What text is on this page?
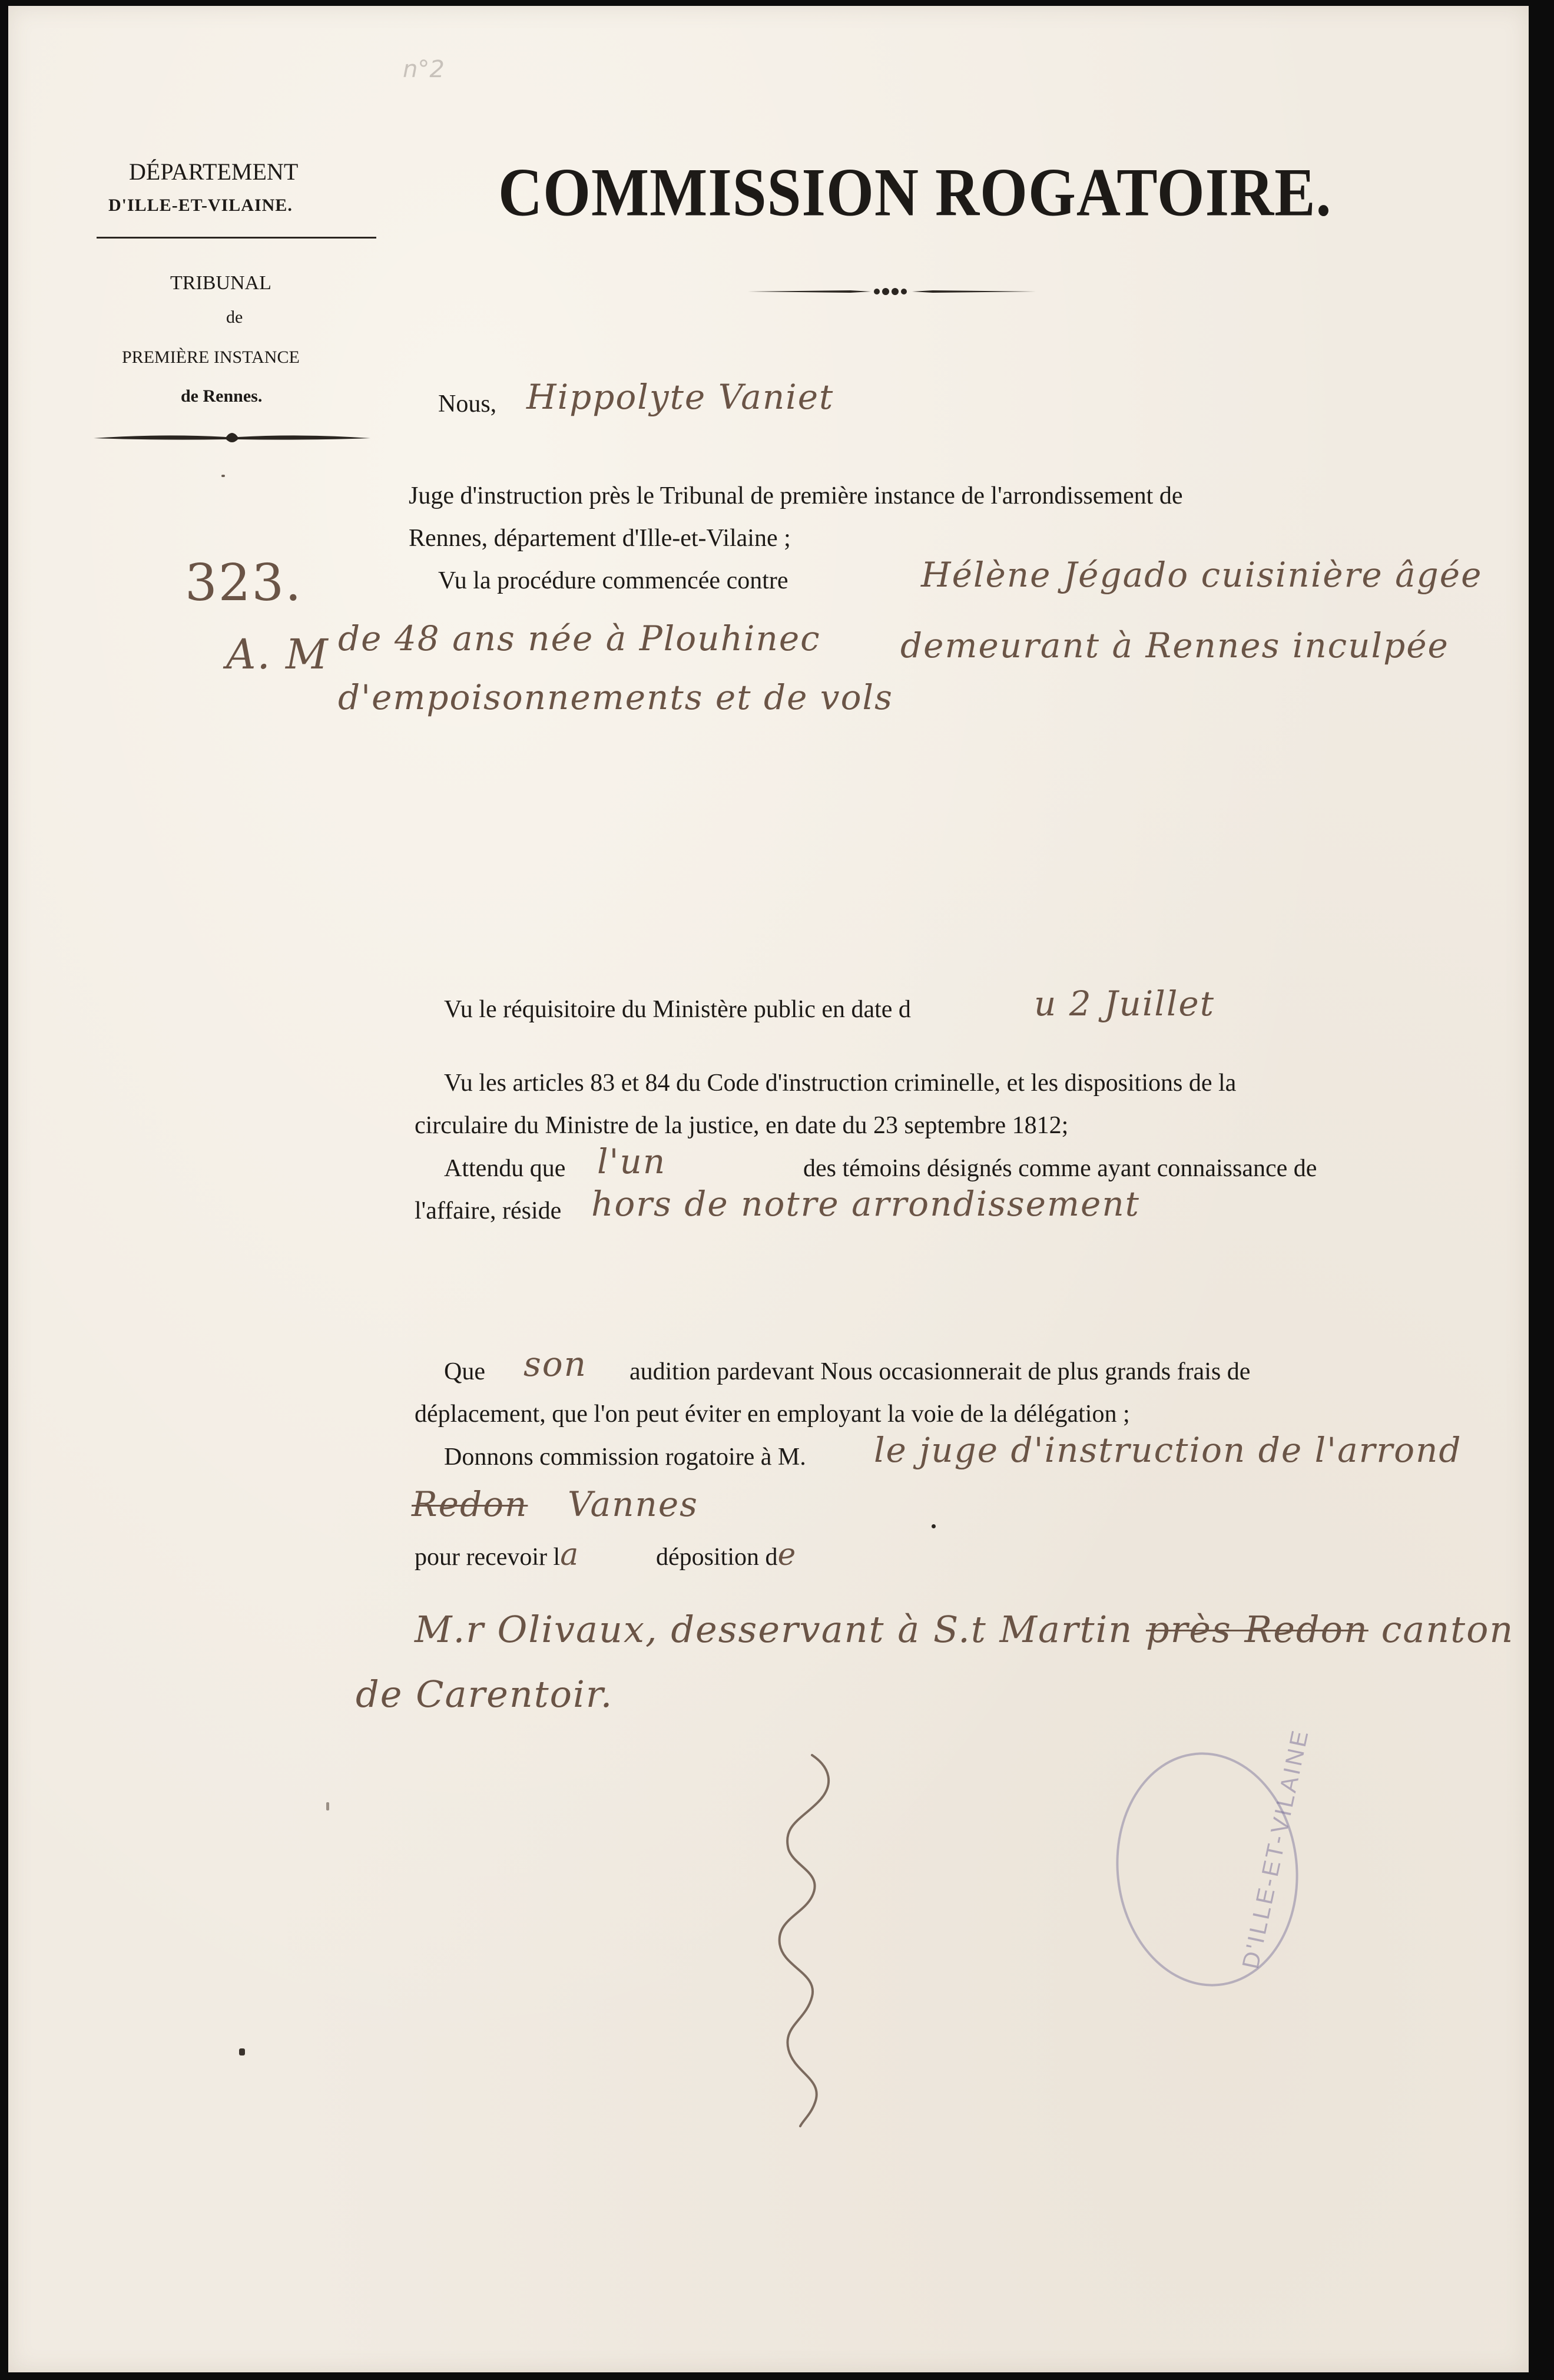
n°2
DÉPARTEMENT
D'ILLE-ET-VILAINE.
TRIBUNAL
de
PREMIÈRE INSTANCE
de Rennes.
COMMISSION ROGATOIRE.
Nous, Hippolyte Vaniet
Juge d'instruction près le Tribunal de première instance de l'arrondissement de
Rennes, département d'Ille-et-Vilaine ;
Vu la procédure commencée contre	Hélène Jégado cuisinière âgée
323.
A. M de 48 ans née à Plouhinec demeurant à Rennes inculpée
d'empoisonnements et de vols
Vu le réquisitoire du Ministère public en date d	u 2 Juillet
Vu les articles 83 et 84 du Code d'instruction criminelle, et les dispositions de la
circulaire du Ministre de la justice, en date du 23 septembre 1812;
Attendu que l'un	des témoins désignés comme ayant connaissance de
l'affaire, réside hors de notre arrondissement
Que son audition pardevant Nous occasionnerait de plus grands frais de
déplacement, que l'on peut éviter en employant la voie de la délégation ;
Donnons commission rogatoire à M. le juge d'instruction de l'arrond
Redon Vannes
pour recevoir la	déposition de
M.r Olivaux, desservant à S.t Martin près Redon canton
de Carentoir.
D'ILLE-ET-VILAINE
